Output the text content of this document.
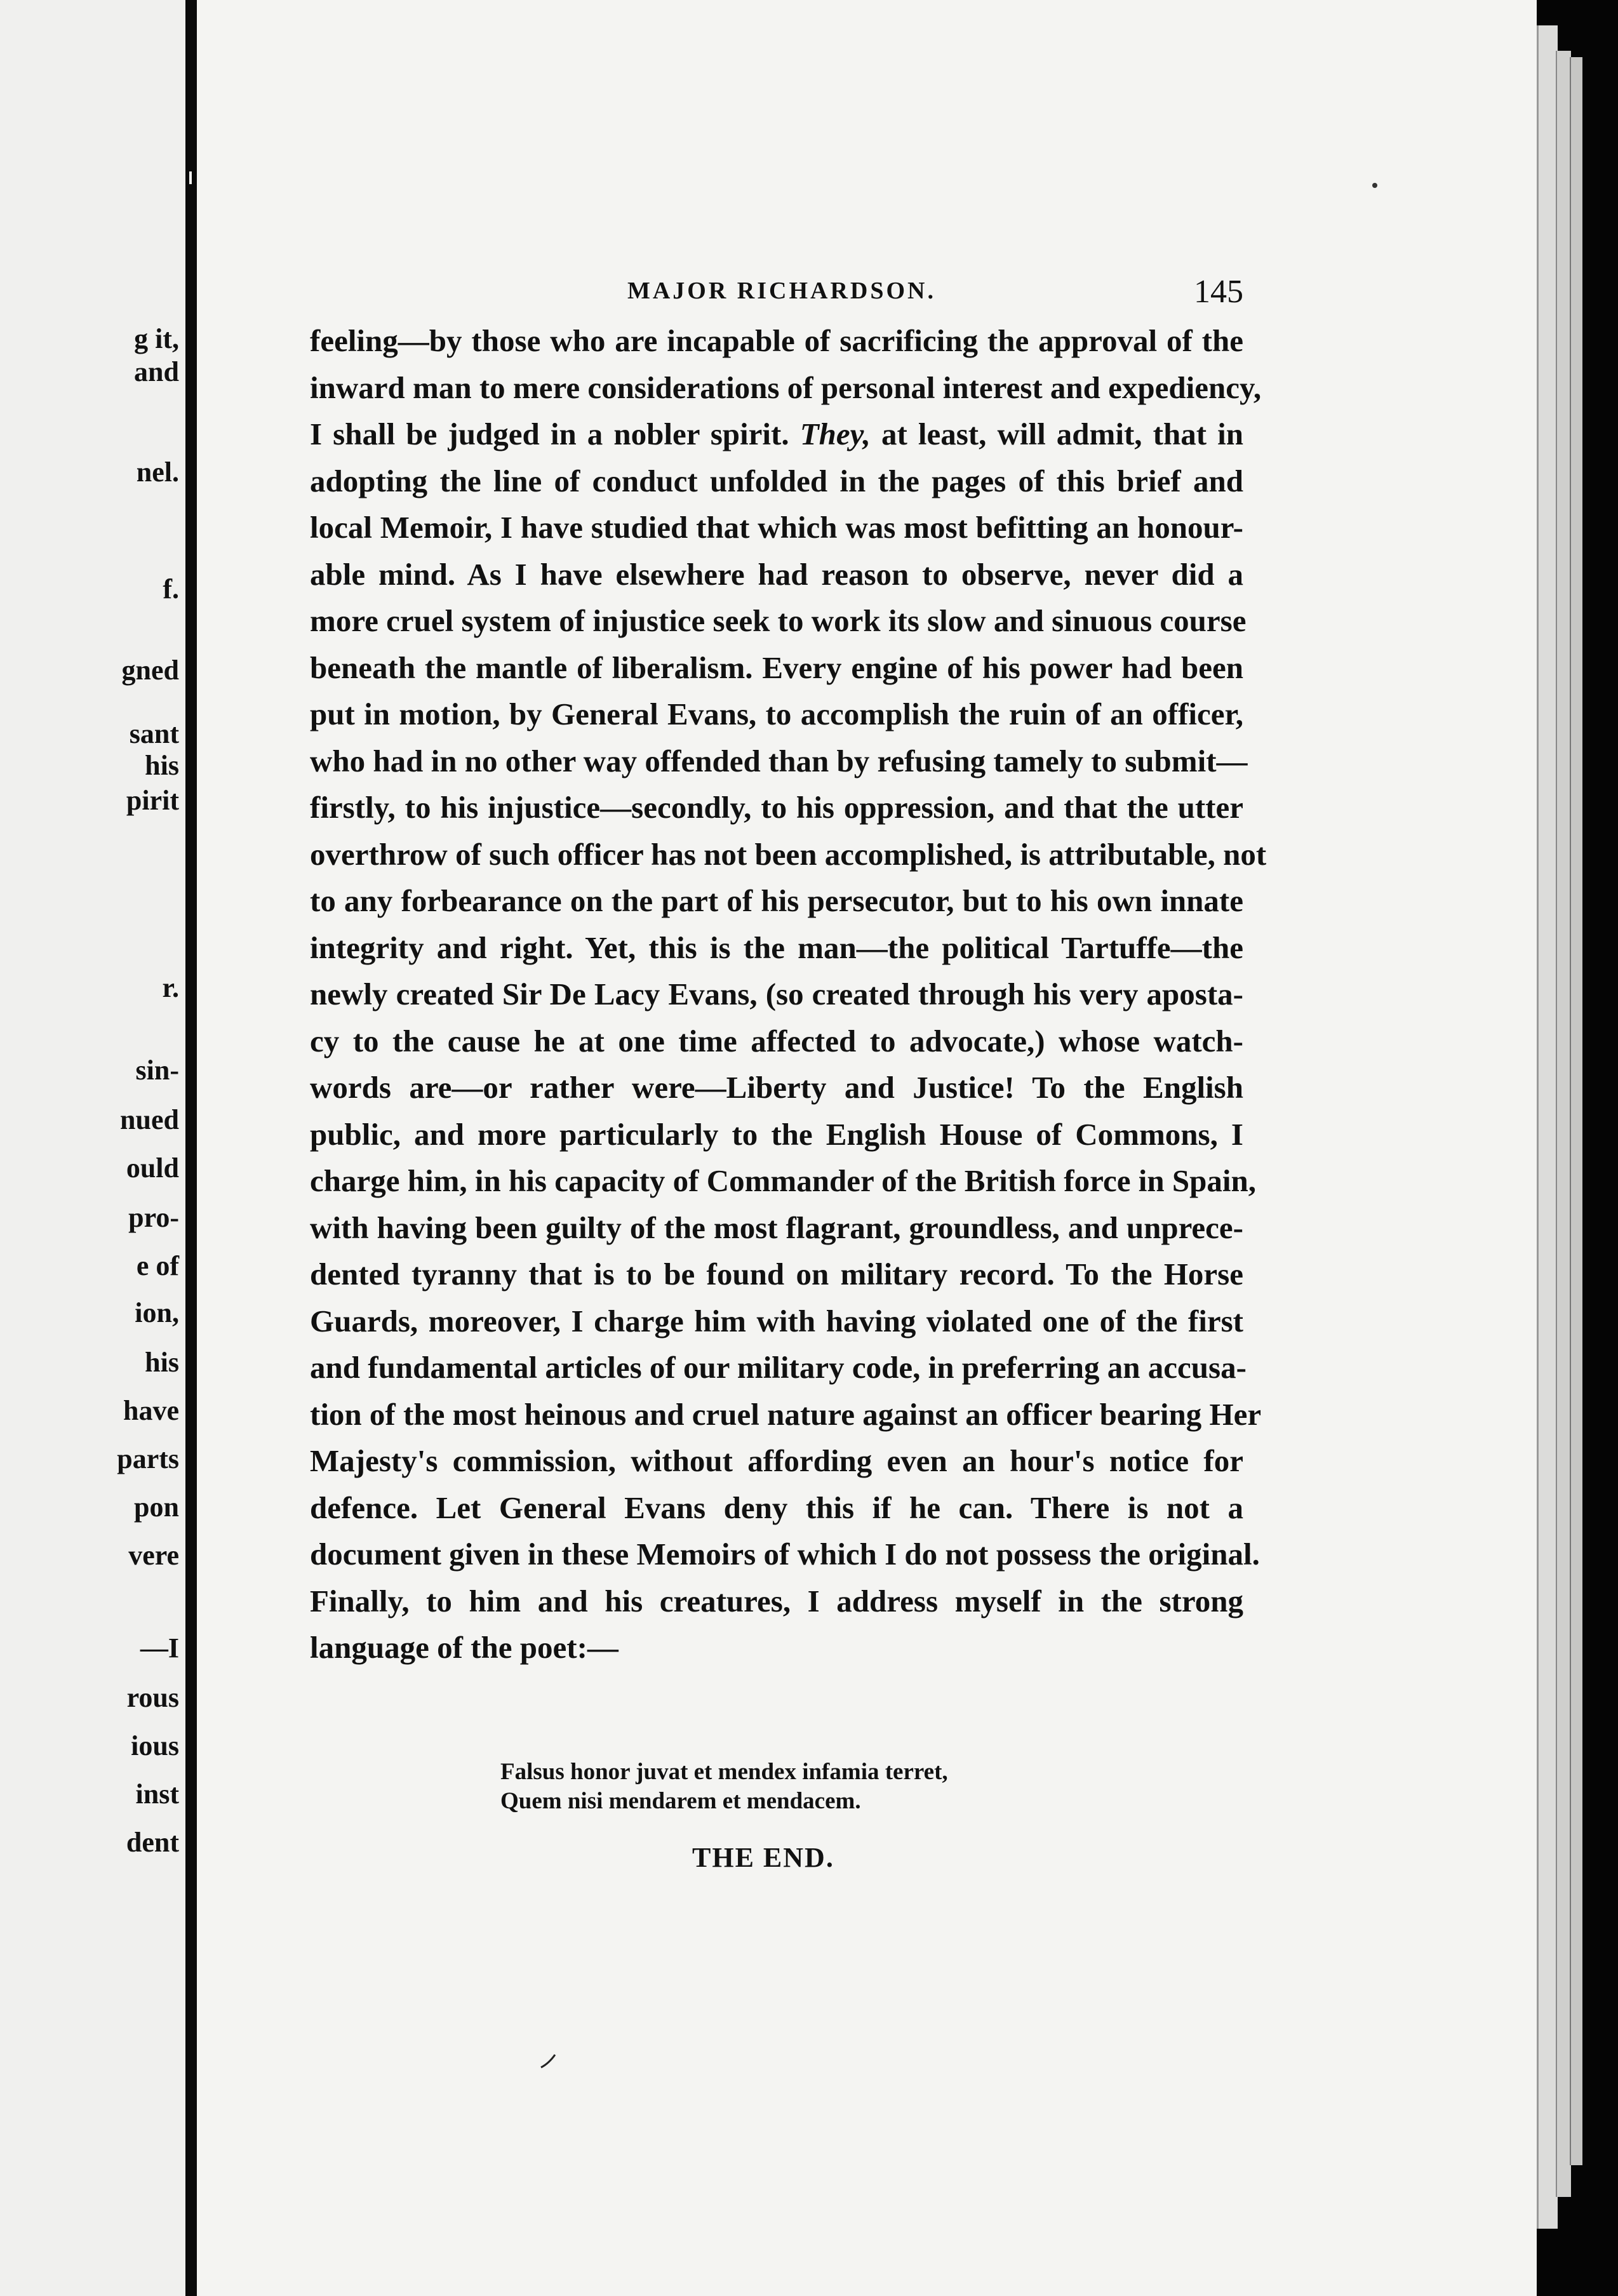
g it,
and
nel.
f.
gned
sant
his
pirit
r.
sin-
nued
ould
pro-
e of
ion,
his
have
parts
pon
vere
—I
rous
ious
inst
dent
MAJOR RICHARDSON.	145
feeling—by those who are incapable of sacrificing the approval of the
inward man to mere considerations of personal interest and expediency,
I shall be judged in a nobler spirit. They, at least, will admit, that in
adopting the line of conduct unfolded in the pages of this brief and
local Memoir, I have studied that which was most befitting an honour-
able mind. As I have elsewhere had reason to observe, never did a
more cruel system of injustice seek to work its slow and sinuous course
beneath the mantle of liberalism. Every engine of his power had been
put in motion, by General Evans, to accomplish the ruin of an officer,
who had in no other way offended than by refusing tamely to submit—
firstly, to his injustice—secondly, to his oppression, and that the utter
overthrow of such officer has not been accomplished, is attributable, not
to any forbearance on the part of his persecutor, but to his own innate
integrity and right. Yet, this is the man—the political Tartuffe—the
newly created Sir De Lacy Evans, (so created through his very aposta-
cy to the cause he at one time affected to advocate,) whose watch-
words are—or rather were—Liberty and Justice! To the English
public, and more particularly to the English House of Commons, I
charge him, in his capacity of Commander of the British force in Spain,
with having been guilty of the most flagrant, groundless, and unprece-
dented tyranny that is to be found on military record. To the Horse
Guards, moreover, I charge him with having violated one of the first
and fundamental articles of our military code, in preferring an accusa-
tion of the most heinous and cruel nature against an officer bearing Her
Majesty's commission, without affording even an hour's notice for
defence. Let General Evans deny this if he can. There is not a
document given in these Memoirs of which I do not possess the original.
Finally, to him and his creatures, I address myself in the strong
language of the poet:—
Falsus honor juvat et mendex infamia terret,
Quem nisi mendarem et mendacem.
THE END.
